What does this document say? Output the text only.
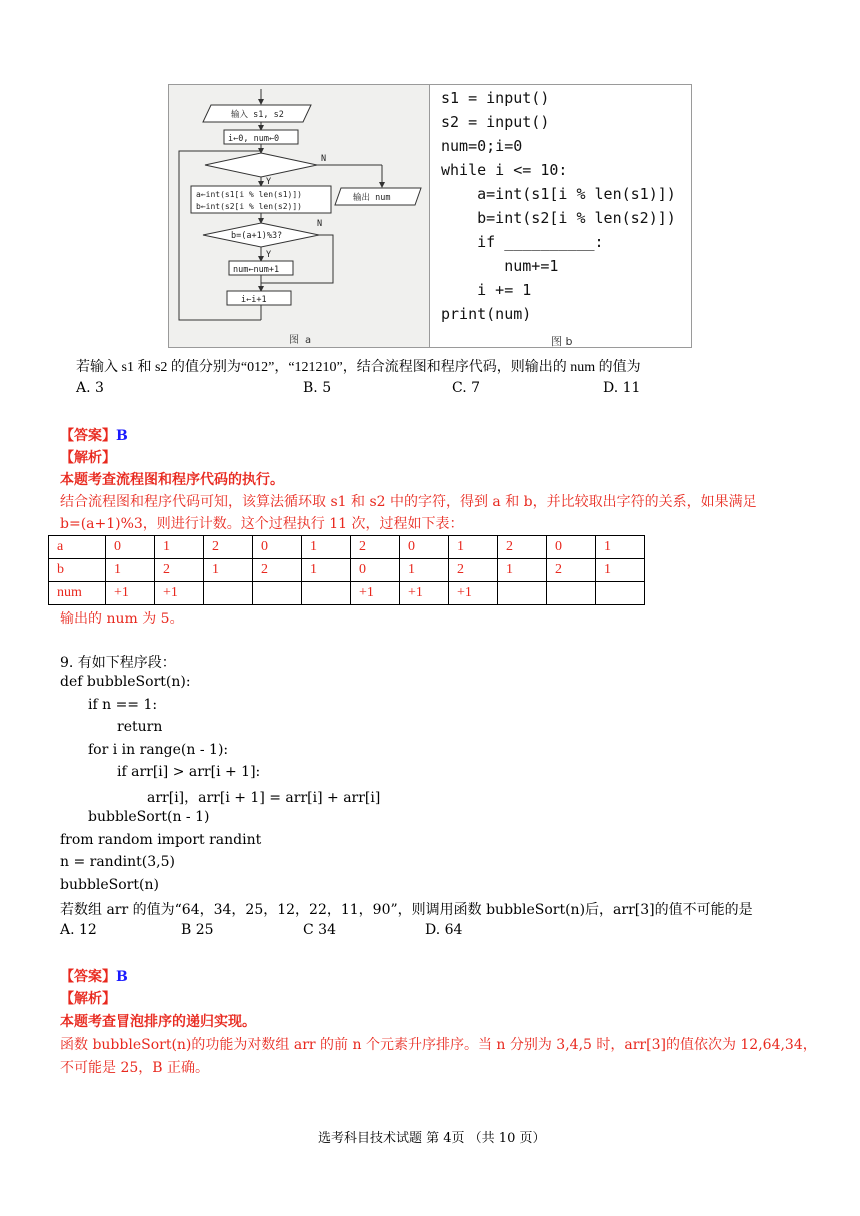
输入 s1, s2
i←0, num←0
N
Y
a←int(s1[i % len(s1)])
b←int(s2[i % len(s2)])
输出 num
b=(a+1)%3?
N
Y
num←num+1
i←i+1
图 a
s1 = input()
s2 = input()
num=0;i=0
while i <= 10:
a=int(s1[i % len(s1)])
b=int(s2[i % len(s2)])
if __________:
num+=1
i += 1
print(num)
图 b
若输入 s1 和 s2 的值分别为“012”，“121210”，结合流程图和程序代码，则输出的 num 的值为
A. 3	B. 5	C. 7	D. 11
【答案】B
【解析】
本题考查流程图和程序代码的执行。
结合流程图和程序代码可知，该算法循环取 s1 和 s2 中的字符，得到 a 和 b，并比较取出字符的关系，如果满足
b=(a+1)%3，则进行计数。这个过程执行 11 次，过程如下表：
a	0	1	2	0	1	2	0	1	2	0	1
b	1	2	1	2	1	0	1	2	1	2	1
num	+1	+1				+1	+1	+1			
输出的 num 为 5。
9. 有如下程序段：
def bubbleSort(n):
if n == 1:
return
for i in range(n - 1):
if arr[i] > arr[i + 1]:
arr[i]，arr[i + 1] = arr[i] + arr[i]
bubbleSort(n - 1)
from random import randint
n = randint(3,5)
bubbleSort(n)
若数组 arr 的值为“64，34，25，12，22，11，90”，则调用函数 bubbleSort(n)后，arr[3]的值不可能的是
A. 12	B 25	C 34	D. 64
【答案】B
【解析】
本题考查冒泡排序的递归实现。
函数 bubbleSort(n)的功能为对数组 arr 的前 n 个元素升序排序。当 n 分别为 3,4,5 时，arr[3]的值依次为 12,64,34，
不可能是 25，B 正确。
选考科目技术试题 第 4页 （共 10 页）
